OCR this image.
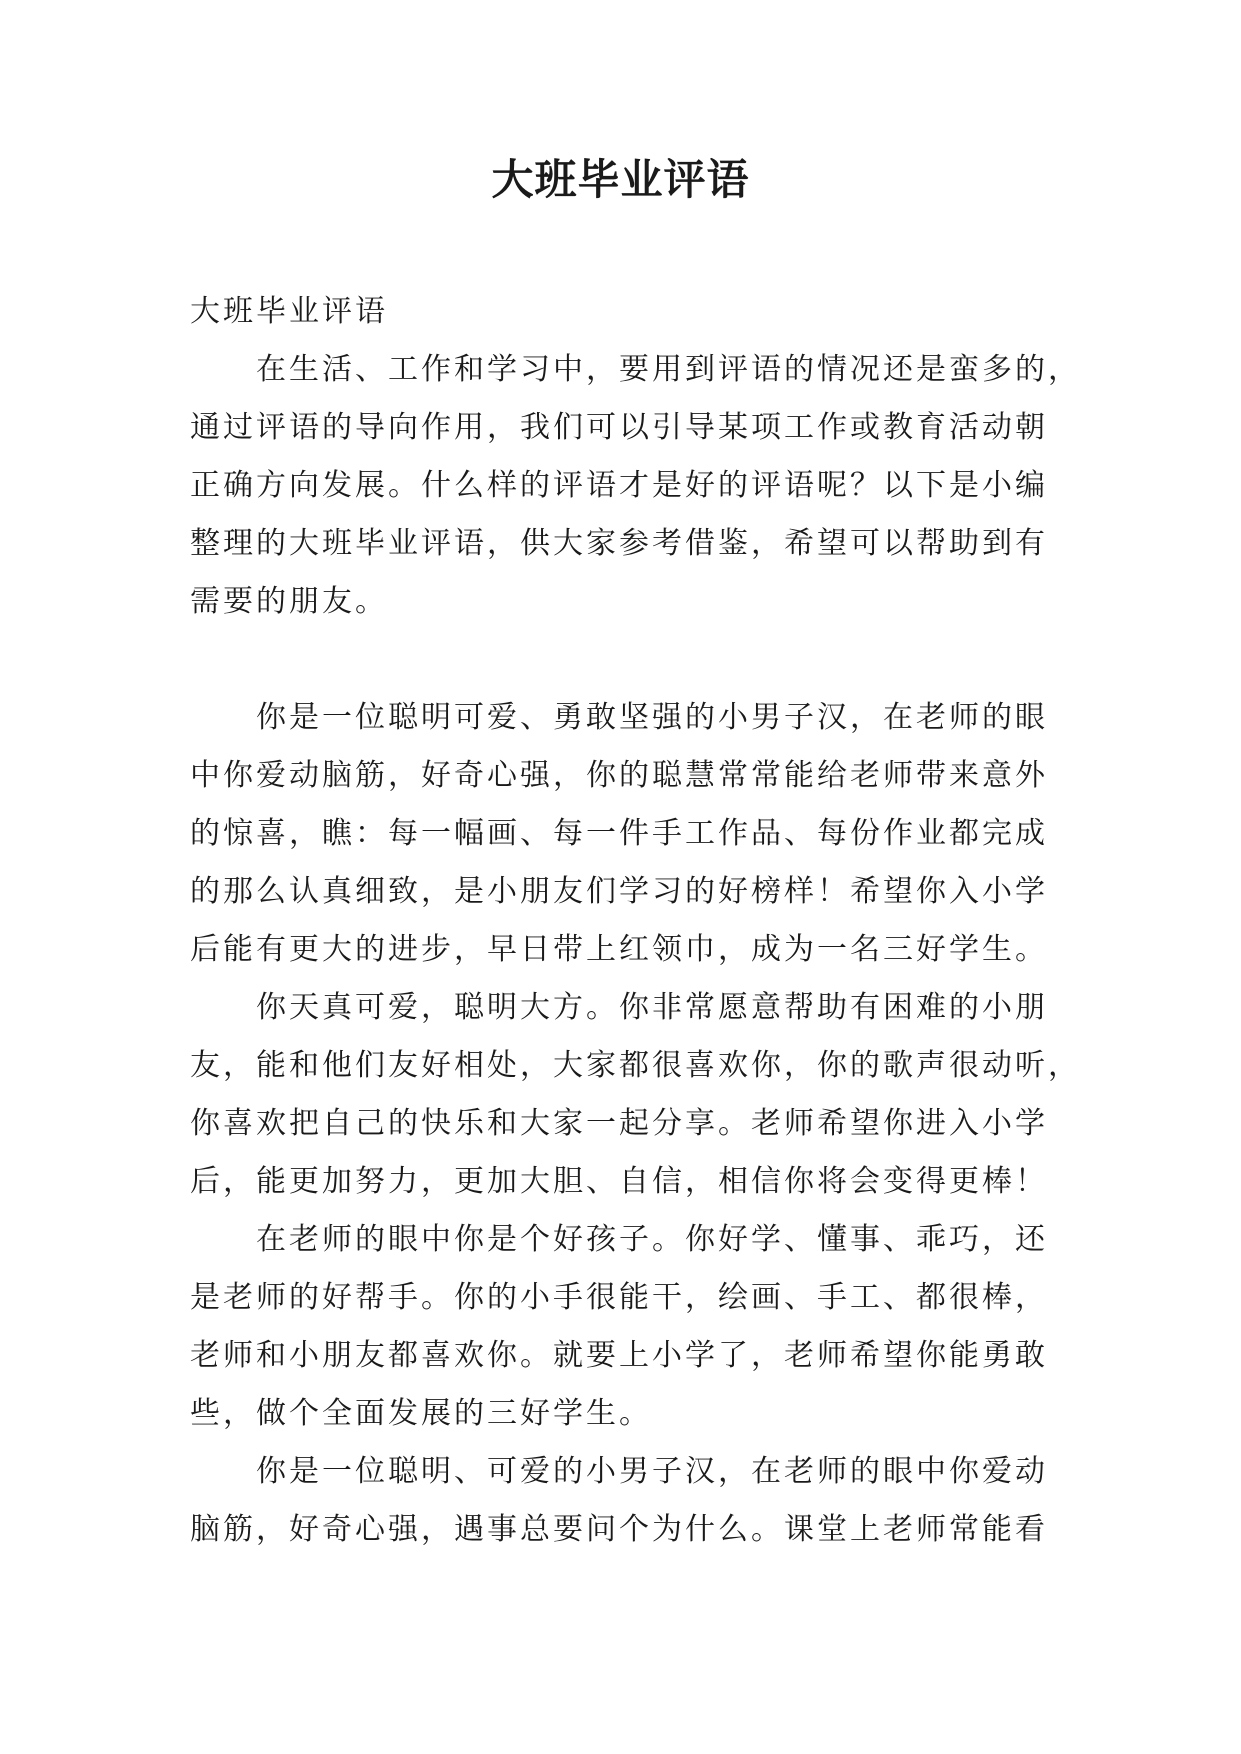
大班毕业评语
大班毕业评语
在生活、工作和学习中，要用到评语的情况还是蛮多的，
通过评语的导向作用，我们可以引导某项工作或教育活动朝
正确方向发展。什么样的评语才是好的评语呢？以下是小编
整理的大班毕业评语，供大家参考借鉴，希望可以帮助到有
需要的朋友。
你是一位聪明可爱、勇敢坚强的小男子汉，在老师的眼
中你爱动脑筋，好奇心强，你的聪慧常常能给老师带来意外
的惊喜，瞧：每一幅画、每一件手工作品、每份作业都完成
的那么认真细致，是小朋友们学习的好榜样！希望你入小学
后能有更大的进步，早日带上红领巾，成为一名三好学生。
你天真可爱，聪明大方。你非常愿意帮助有困难的小朋
友，能和他们友好相处，大家都很喜欢你，你的歌声很动听，
你喜欢把自己的快乐和大家一起分享。老师希望你进入小学
后，能更加努力，更加大胆、自信，相信你将会变得更棒！
在老师的眼中你是个好孩子。你好学、懂事、乖巧，还
是老师的好帮手。你的小手很能干，绘画、手工、都很棒，
老师和小朋友都喜欢你。就要上小学了，老师希望你能勇敢
些，做个全面发展的三好学生。
你是一位聪明、可爱的小男子汉，在老师的眼中你爱动
脑筋，好奇心强，遇事总要问个为什么。课堂上老师常能看
